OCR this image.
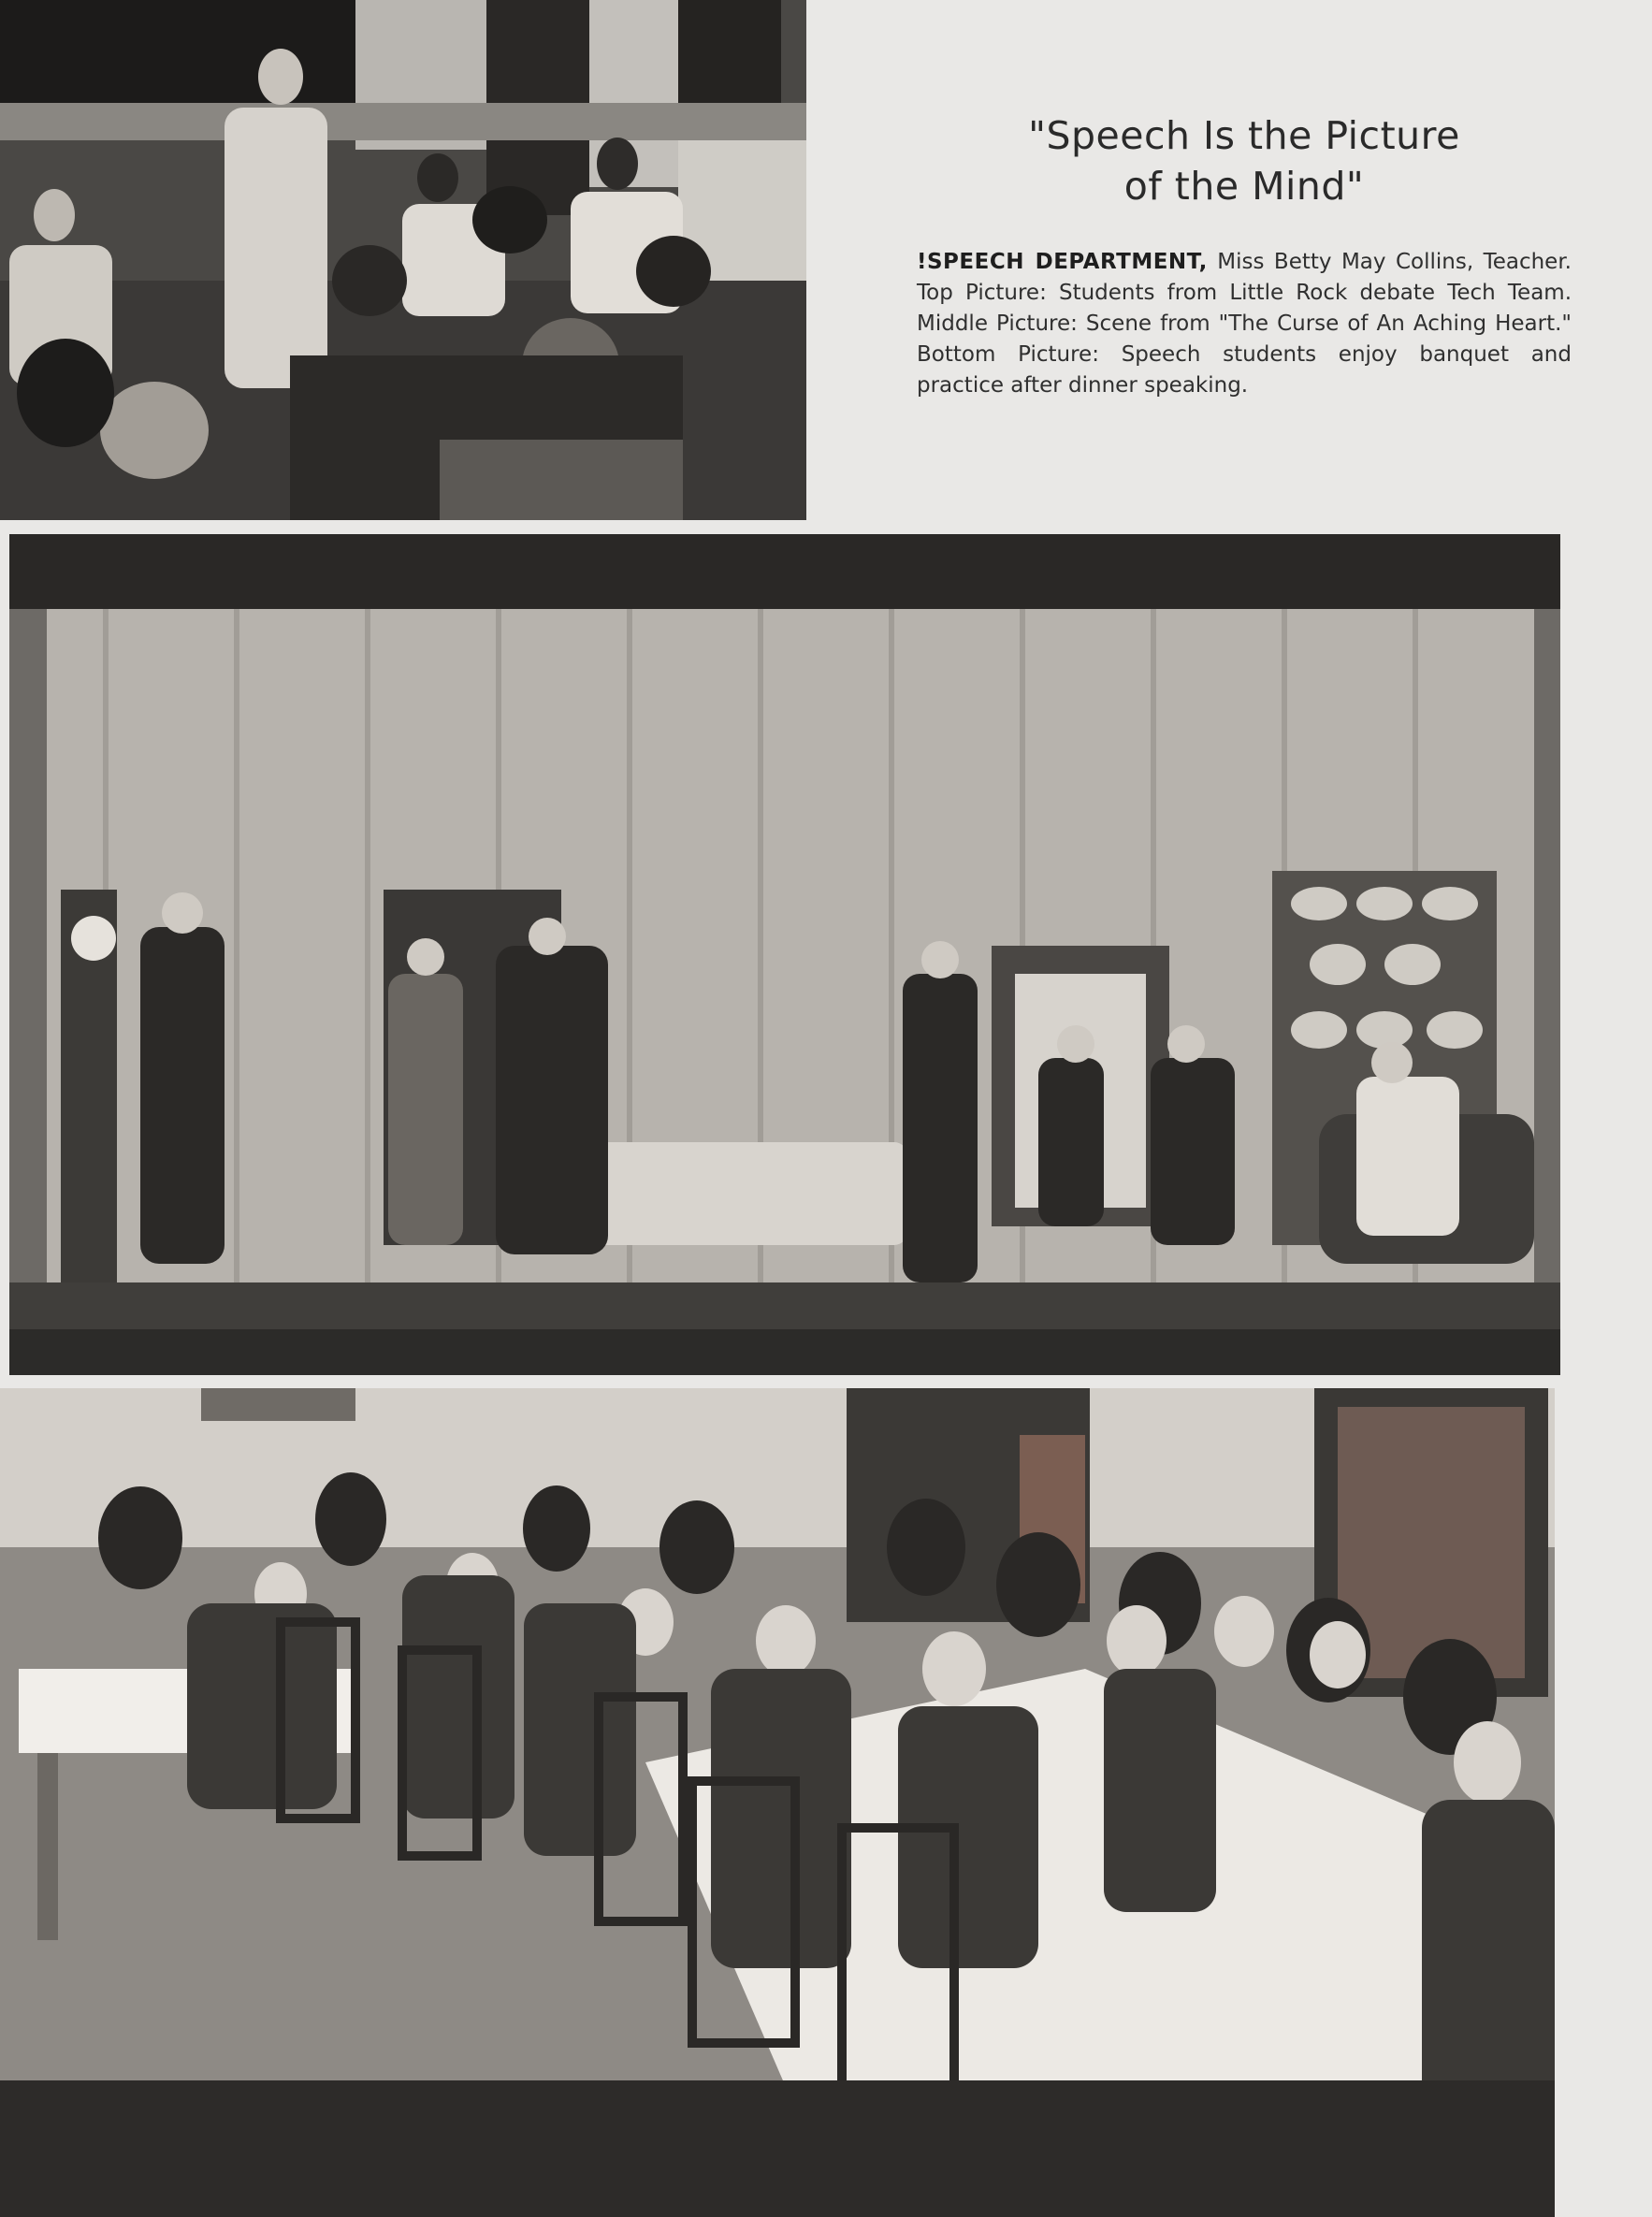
"Speech Is the Picture
of the Mind"
!SPEECH DEPARTMENT, Miss Betty May Collins, Teacher. Top Picture: Students from Little Rock debate Tech Team. Middle Picture: Scene from "The Curse of An Aching Heart." Bottom Picture: Speech students enjoy banquet and practice after dinner speaking.
